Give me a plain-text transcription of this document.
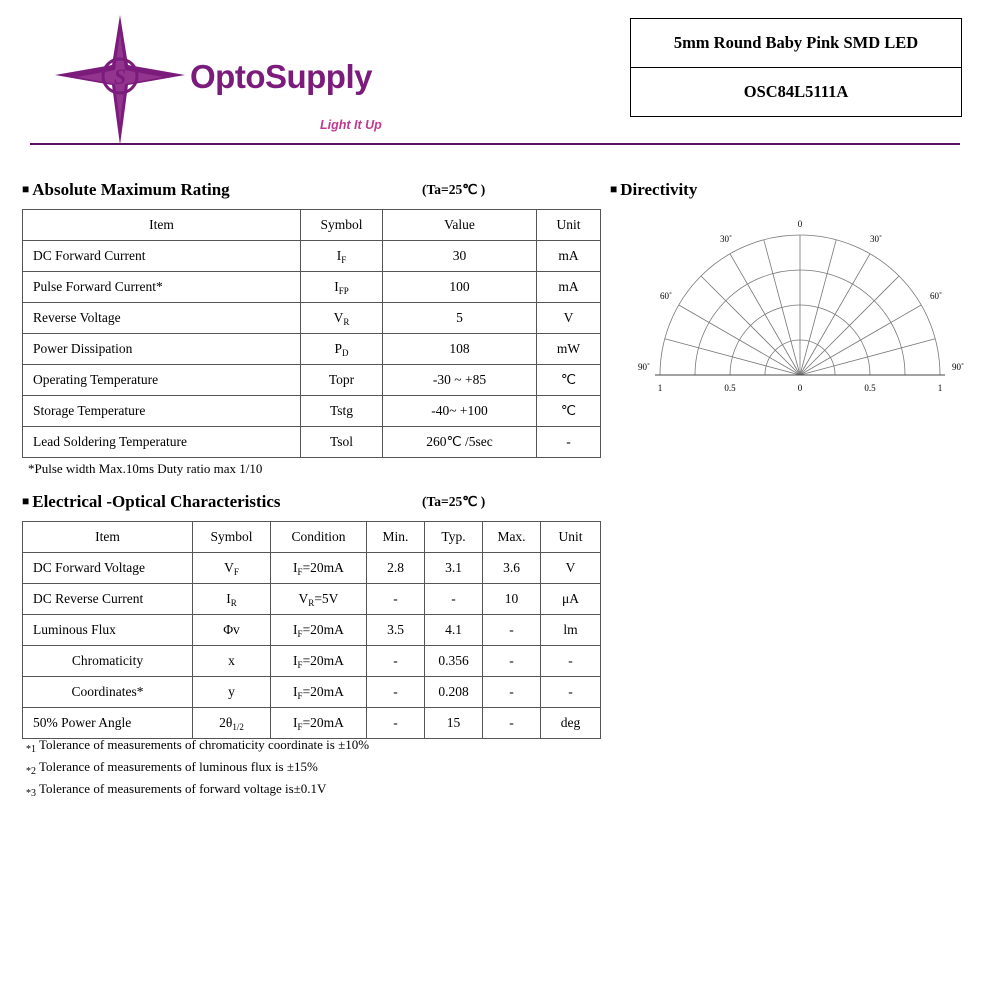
S OptoSupply
Light It Up
5mm Round Baby Pink SMD LED
OSC84L5111A
■ Absolute Maximum Rating	(Ta=25℃ )
Item	Symbol	Value	Unit
DC Forward Current	$I_F$	30	mA
Pulse Forward Current*	$I_{FP}$	100	mA
Reverse Voltage	$V_R$	5	V
Power Dissipation	$P_D$	108	mW
Operating Temperature	Topr	-30 ~ +85	℃
Storage Temperature	Tstg	-40~ +100	℃
Lead Soldering Temperature	Tsol	260℃ /5sec	-
*Pulse width Max.10ms Duty ratio max 1/10
■ Electrical -Optical Characteristics	(Ta=25℃ )
Item	Symbol	Condition	Min.	Typ.	Max.	Unit
DC Forward Voltage	$V_F$	$I_F=20mA$	2.8	3.1	3.6	V
DC Reverse Current	$I_R$	$V_R=5V$	-	-	10	μA
Luminous Flux	Φv	$I_F=20mA$	3.5	4.1	-	lm
Chromaticity	x	$I_F=20mA$	-	0.356	-	-
Coordinates*	y	$I_F=20mA$	-	0.208	-	-
50% Power Angle	$2\theta_{1/2}$	$I_F=20mA$	-	15	-	deg
$_{*1}$ Tolerance of measurements of chromaticity coordinate is ±10%
$_{*2}$ Tolerance of measurements of luminous flux is ±15%
$_{*3}$ Tolerance of measurements of forward voltage is±0.1V
■ Directivity
0
30˚	30˚
60˚	60˚
90˚	90˚
1	0.5	0	0.5	1
